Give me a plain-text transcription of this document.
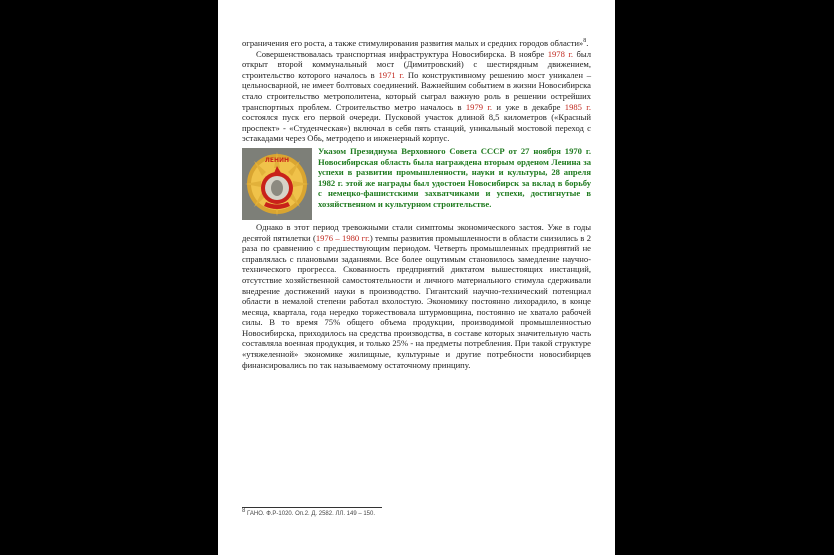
ограничения его роста, а также стимулирования развития малых и средних городов области»$^8$.

Совершенствовалась транспортная инфраструктура Новосибирска. В ноябре 1978 г. был открыт второй коммунальный мост (Димитровский) с шестирядным движением, строительство которого началось в 1971 г. По конструктивному решению мост уникален – цельносварной, не имеет болтовых соединений. Важнейшим событием в жизни Новосибирска стало строительство метрополитена, который сыграл важную роль в решении острейших транспортных проблем. Строительство метро началось в 1979 г. и уже в декабре 1985 г. состоялся пуск его первой очереди. Пусковой участок длиной 8,5 километров («Красный проспект» - «Студенческая») включал в себя пять станций, уникальный мостовой переход с эстакадами через Обь, метродепо и инженерный корпус.

ЛЕНИН

Указом Президиума Верховного Совета СССР от 27 ноября 1970 г. Новосибирская область была награждена вторым орденом Ленина за успехи в развитии промышленности, науки и культуры, 28 апреля 1982 г. этой же награды был удостоен Новосибирск за вклад в борьбу с немецко-фашистскими захватчиками и успехи, достигнутые в хозяйственном и культурном строительстве.

Однако в этот период тревожными стали симптомы экономического застоя. Уже в годы десятой пятилетки (1976 – 1980 гг.) темпы развития промышленности в области снизились в 2 раза по сравнению с предшествующим периодом. Четверть промышленных предприятий не справлялась с плановыми заданиями. Все более ощутимым становилось замедление научно-технического прогресса. Скованность предприятий диктатом вышестоящих инстанций, отсутствие хозяйственной самостоятельности и личного материального стимула сдерживали внедрение достижений науки в производство. Гигантский научно-технический потенциал области в немалой степени работал вхолостую. Экономику постоянно лихорадило, в конце месяца, квартала, года нередко торжествовала штурмовщина, постоянно не хватало рабочей силы. В то время 75% общего объема продукции, производимой промышленностью Новосибирска, приходилось на средства производства, в составе которых значительную часть составляла военная продукция, и только 25% - на предметы потребления. При такой структуре «утяжеленной» экономике жилищные, культурные и другие потребности новосибирцев финансировались по так называемому остаточному принципу.

$^8$ ГАНО. Ф.Р-1020. Оп.2. Д. 2582. ЛЛ. 149 – 150.
